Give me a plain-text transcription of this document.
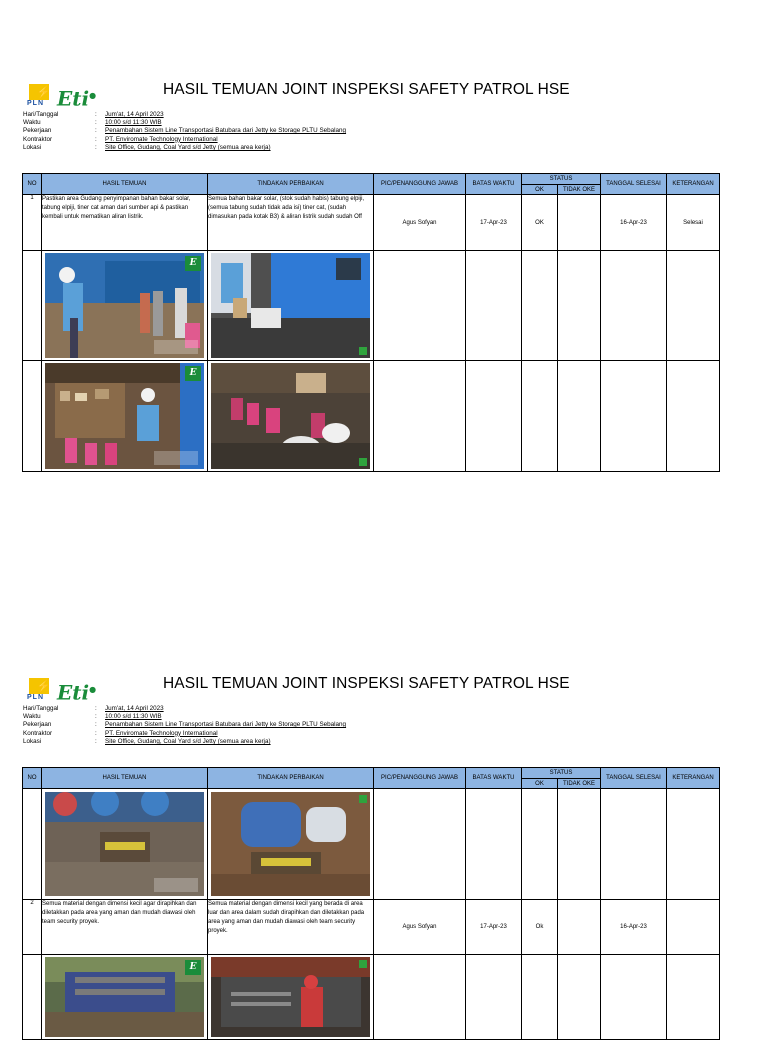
⚡
PLN Eti●	HASIL TEMUAN JOINT INSPEKSI SAFETY PATROL HSE
Hari/Tanggal	:	Jum'at, 14 April 2023
Waktu	:	10:00 s/d 11:30 WIB
Pekerjaan	:	Penambahan Sistem Line Transportasi Batubara dari Jetty ke Storage PLTU Sebalang
Kontraktor	:	PT. Enviromate Technology International
Lokasi	:	Site Office, Gudang, Coal Yard s/d Jetty (semua area kerja)
NO	HASIL TEMUAN	TINDAKAN PERBAIKAN	PIC/PENANGGUNG JAWAB	BATAS WAKTU	STATUS		TANGGAL SELESAI	KETERANGAN
					OK	TIDAK OKE		
1	Pastikan area Gudang penyimpanan bahan bakar solar, tabung elpiji, tiner cat aman dari sumber api & pastikan kembali untuk mematikan aliran listrik.	Semua bahan bakar solar, (stok sudah habis) tabung elpiji, (semua tabung sudah tidak ada isi) tiner cat, (sudah dimasukan pada kotak B3) & aliran listrik sudah sudah Off	Agus Sofyan	17-Apr-23	OK		16-Apr-23	Selesai

	E

	E

⚡
PLN Eti●	HASIL TEMUAN JOINT INSPEKSI SAFETY PATROL HSE
Hari/Tanggal	:	Jum'at, 14 April 2023
Waktu	:	10:00 s/d 11:30 WIB
Pekerjaan	:	Penambahan Sistem Line Transportasi Batubara dari Jetty ke Storage PLTU Sebalang
Kontraktor	:	PT. Enviromate Technology International
Lokasi	:	Site Office, Gudang, Coal Yard s/d Jetty (semua area kerja)
NO	HASIL TEMUAN	TINDAKAN PERBAIKAN	PIC/PENANGGUNG JAWAB	BATAS WAKTU	STATUS		TANGGAL SELESAI	KETERANGAN
					OK	TIDAK OKE		

2	Semua material dengan dimensi kecil agar dirapihkan dan diletakkan pada area yang aman dan mudah diawasi oleh team security proyek.	Semua material dengan dimensi kecil yang berada di area luar dan area dalam sudah dirapihkan dan diletakkan pada area yang aman dan mudah diawasi oleh team security proyek.	Agus Sofyan	17-Apr-23	Ok		16-Apr-23	

	E
